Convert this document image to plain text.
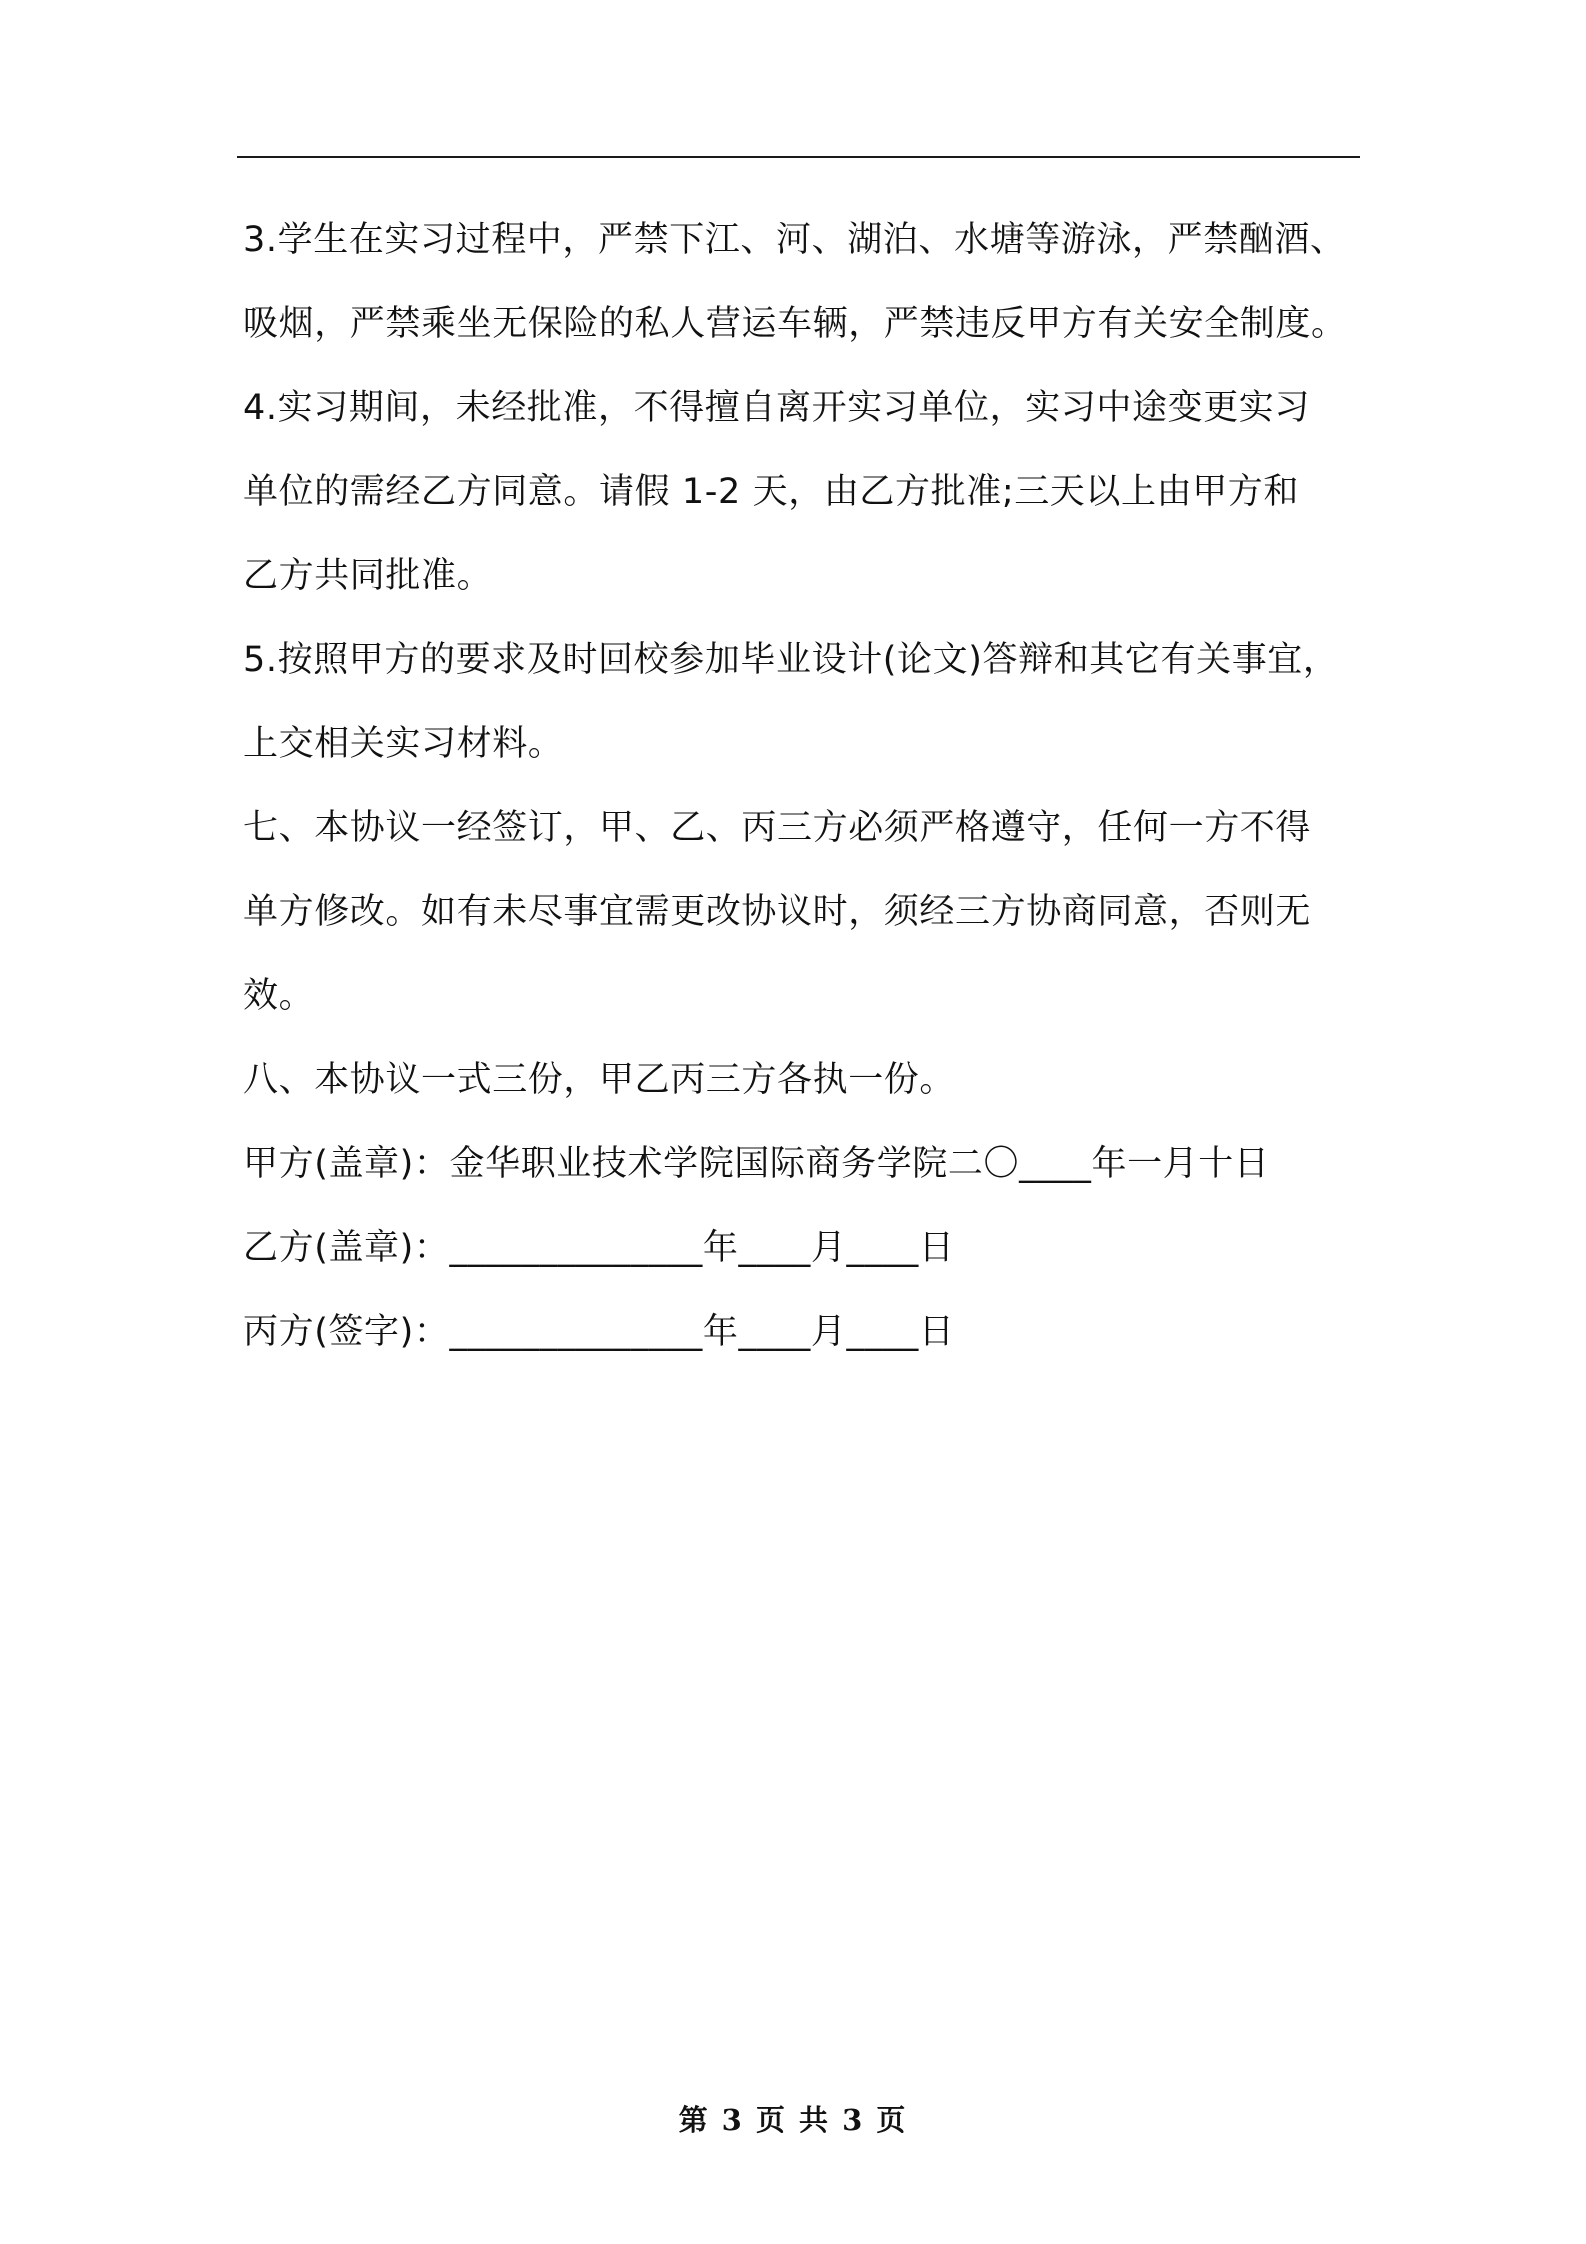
3.学生在实习过程中，严禁下江、河、湖泊、水塘等游泳，严禁酗酒、
吸烟，严禁乘坐无保险的私人营运车辆，严禁违反甲方有关安全制度。
4.实习期间，未经批准，不得擅自离开实习单位，实习中途变更实习
单位的需经乙方同意。请假 1-2 天，由乙方批准;三天以上由甲方和
乙方共同批准。
5.按照甲方的要求及时回校参加毕业设计(论文)答辩和其它有关事宜，
上交相关实习材料。
七、本协议一经签订，甲、乙、丙三方必须严格遵守，任何一方不得
单方修改。如有未尽事宜需更改协议时，须经三方协商同意，否则无
效。
八、本协议一式三份，甲乙丙三方各执一份。
甲方(盖章)：金华职业技术学院国际商务学院二〇____年一月十日
乙方(盖章)：______________年____月____日
丙方(签字)：______________年____月____日
第 3 页 共 3 页
